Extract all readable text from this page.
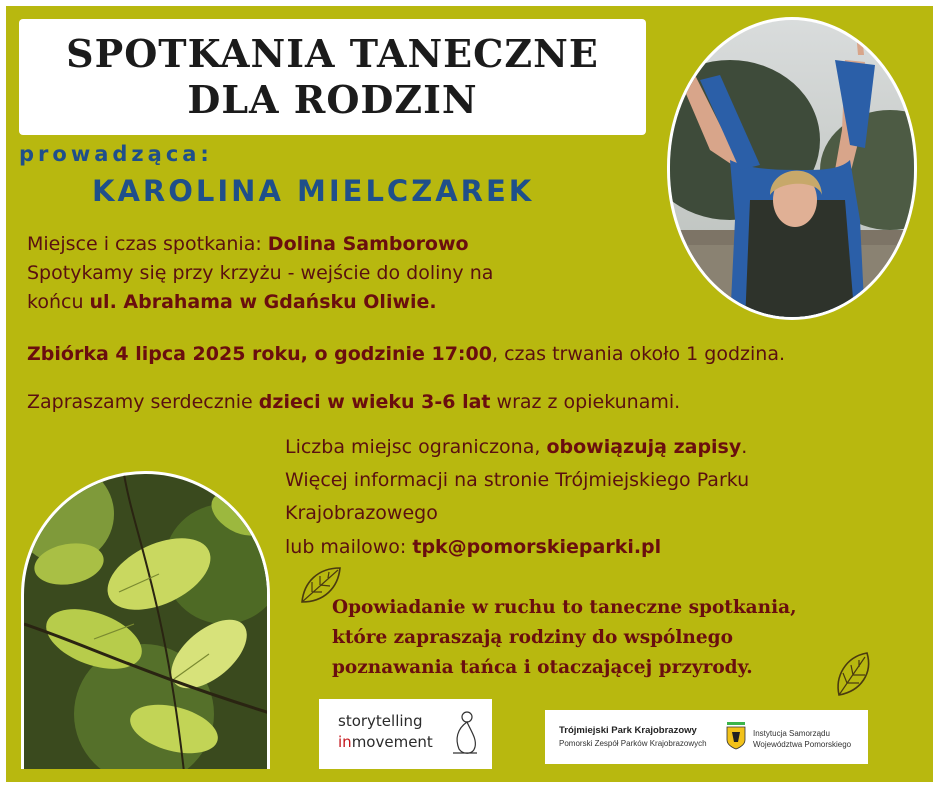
SPOTKANIA TANECZNE
DLA RODZIN
prowadząca:
KAROLINA MIELCZAREK
Miejsce i czas spotkania: Dolina Samborowo
Spotykamy się przy krzyżu - wejście do doliny na
końcu ul. Abrahama w Gdańsku Oliwie.
Zbiórka 4 lipca 2025 roku, o godzinie 17:00, czas trwania około 1 godzina.
Zapraszamy serdecznie dzieci w wieku 3-6 lat wraz z opiekunami.
Liczba miejsc ograniczona, obowiązują zapisy.
Więcej informacji na stronie Trójmiejskiego Parku
Krajobrazowego
lub mailowo: tpk@pomorskieparki.pl
Opowiadanie w ruchu to taneczne spotkania,
które zapraszają rodziny do wspólnego
poznawania tańca i otaczającej przyrody.
storytelling
inmovement
Trójmiejski Park Krajobrazowy
Pomorski Zespół Parków Krajobrazowych
Instytucja Samorządu
Województwa Pomorskiego
